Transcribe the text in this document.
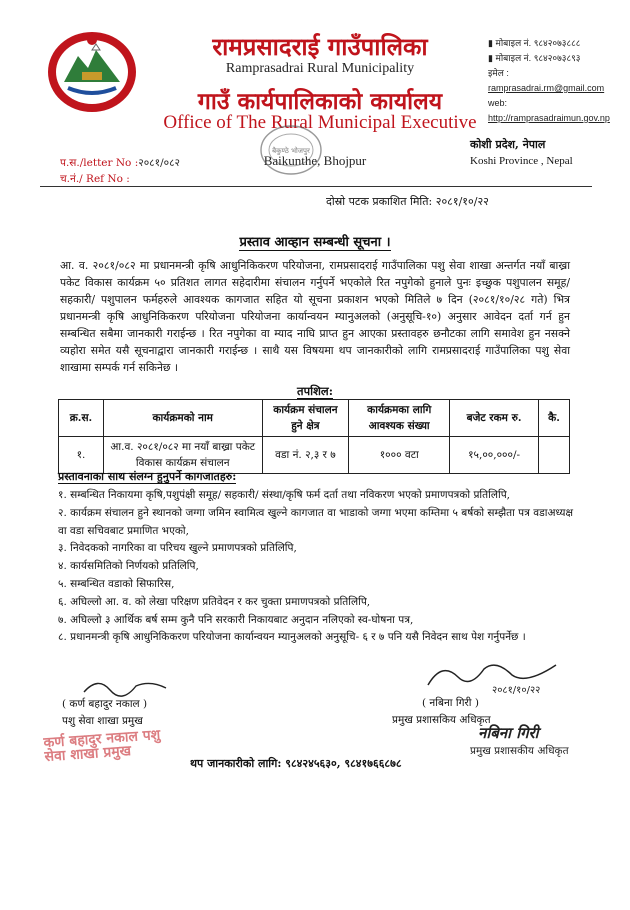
रामप्रसादराई गाउँपालिका
Ramprasadrai Rural Municipality
गाउँ कार्यपालिकाको कार्यालय
Office of The Rural Municipal Executive
Baikunthe, Bhojpur
बैकुण्ठे भोजपुर
▮ मोबाइल नं. ९८४२०७३८८८
▮ मोबाइल नं. ९८४२०७३८९३
इमेल :ramprasadrai.rm@gmail.com
web:http://ramprasadraimun.gov.np
कोशी प्रदेश, नेपाल
Koshi Province , Nepal
प.स./letter No :२०८१/०८२
च.नं./ Ref No :
दोस्रो पटक प्रकाशित मिति: २०८१/१०/२२
प्रस्ताव आव्हान सम्बन्धी सूचना ।
आ. व. २०८१/०८२ मा प्रधानमन्त्री कृषि आधुनिकिकरण परियोजना, रामप्रसादराई गाउँपालिका पशु सेवा शाखा अन्तर्गत नयाँ बाख्रा पकेट विकास कार्यक्रम ५० प्रतिशत लागत सहेदारीमा संचालन गर्नुपर्ने भएकोले रित नपुगेको हुनाले पुनः इच्छुक पशुपालन समूह/ सहकारी/ पशुपालन फर्महरुले आवश्यक कागजात सहित यो सूचना प्रकाशन भएको मितिले ७ दिन (२०८१/१०/२८ गते) भित्र प्रधानमन्त्री कृषि आधुनिकिकरण परियोजना परियोजना कार्यान्वयन म्यानुअलको (अनुसूचि-१०) अनुसार आवेदन दर्ता गर्न हुन सम्बन्धित सबैमा जानकारी गराईन्छ । रित नपुगेका वा म्याद नाघि प्राप्त हुन आएका प्रस्तावहरु छनौटका लागि समावेश हुन नसक्ने व्यहोरा समेत यसै सूचनाद्वारा जानकारी गराईन्छ । साथै यस विषयमा थप जानकारीको लागि रामप्रसादराई गाउँपालिका पशु सेवा शाखामा सम्पर्क गर्न सकिनेछ ।
तपशिल:
क्र.स.	कार्यक्रमको नाम	कार्यक्रम संचालन हुने क्षेत्र	कार्यक्रमका लागि आवश्यक संख्या	बजेट रकम रु.	कै.
१.	आ.व. २०८१/०८२ मा नयाँ बाख्रा पकेट विकास कार्यक्रम संचालन	वडा नं. २,३ र ७	१००० वटा	१५,००,०००/-	
प्रस्तावनाका साथ संलग्न हुनुपर्ने कागजातहरु:
१. सम्बन्धित निकायमा कृषि,पशुपंक्षी समूह/ सहकारी/ संस्था/कृषि फर्म दर्ता तथा नविकरण भएको प्रमाणपत्रको प्रतिलिपि,
२. कार्यक्रम संचालन हुने स्थानको जग्गा जमिन स्वामित्व खुल्ने कागजात वा भाडाको जग्गा भएमा कम्तिमा ५ बर्षको सम्झैता पत्र वडाअध्यक्ष वा वडा सचिवबाट प्रमाणित भएको,
३. निवेदकको नागरिका वा परिचय खुल्ने प्रमाणपत्रको प्रतिलिपि,
४. कार्यसमितिको निर्णयको प्रतिलिपि,
५. सम्बन्धित वडाको सिफारिस,
६. अघिल्लो आ. व. को लेखा परिक्षण प्रतिवेदन र कर चुक्ता प्रमाणपत्रको प्रतिलिपि,
७. अघिल्लो ३ आर्थिक बर्ष सम्म कुनै पनि सरकारी निकायबाट अनुदान नलिएको स्व-घोषना पत्र,
८. प्रधानमन्त्री कृषि आधुनिकिकरण परियोजना कार्यान्वयन म्यानुअलको अनुसूचि- ६ र ७ पनि यसै निवेदन साथ पेश गर्नुपर्नेछ ।
२०८१/१०/२२
( कर्ण बहादुर नकाल )
पशु सेवा शाखा प्रमुख
कर्ण बहादुर नकाल पशु सेवा शाखा प्रमुख
( नबिना गिरी )
प्रमुख प्रशासकिय अधिकृत
नबिना गिरी
प्रमुख प्रशासकीय अधिकृत
थप जानकारीको लागि: ९८४२४५६३०, ९८४१७६६८७८
